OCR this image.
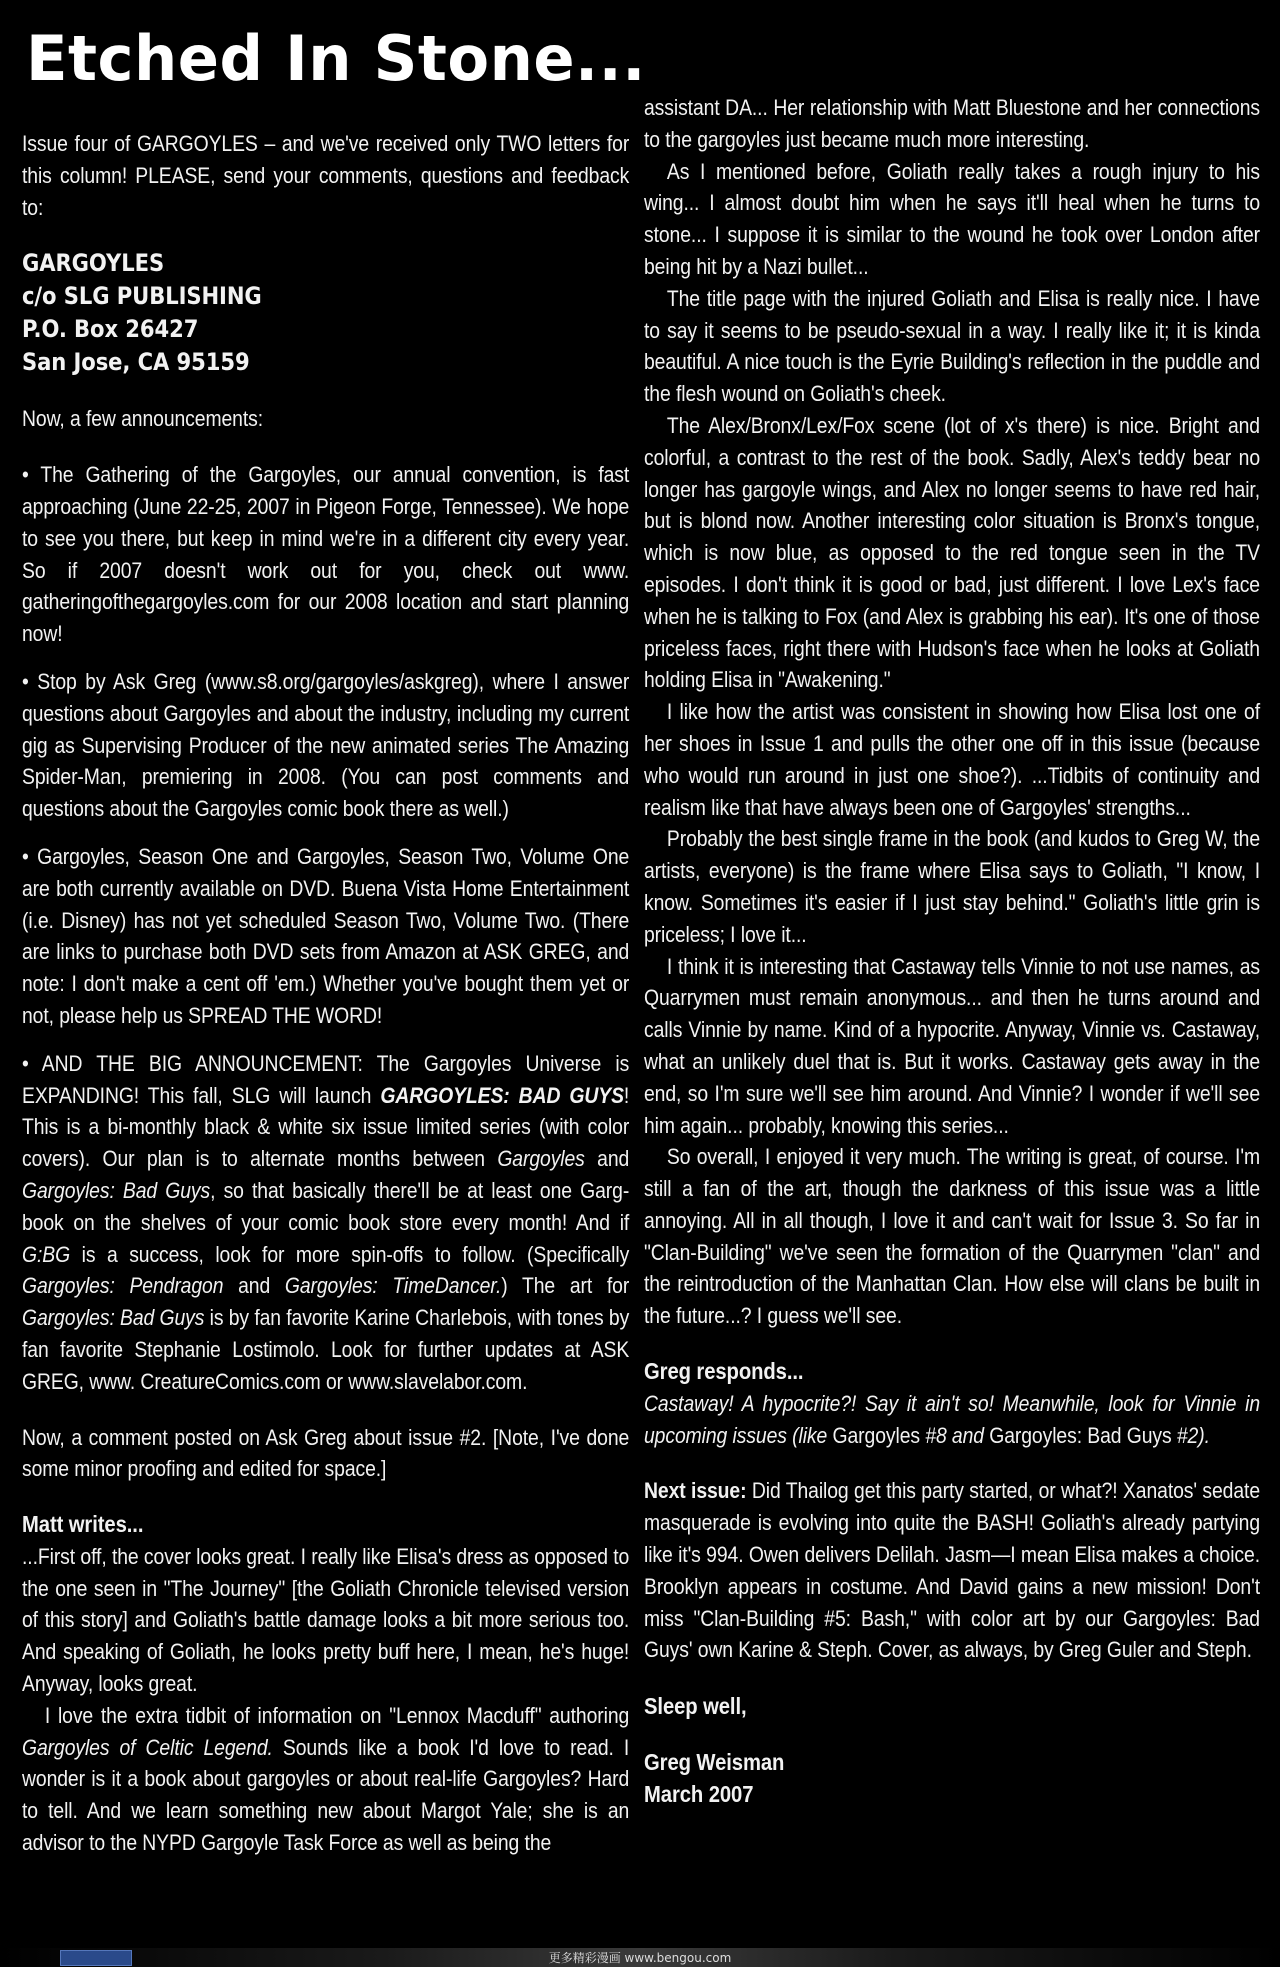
Etched In Stone...

Issue four of GARGOYLES – and we've received only TWO letters for this column! PLEASE, send your comments, questions and feedback to:

GARGOYLES

c/o SLG PUBLISHING

P.O. Box 26427

San Jose, CA 95159

Now, a few announcements:

• The Gathering of the Gargoyles, our annual convention, is fast approaching (June 22-25, 2007 in Pigeon Forge, Tennessee). We hope to see you there, but keep in mind we're in a different city every year. So if 2007 doesn't work out for you, check out www. gatheringofthegargoyles.com for our 2008 location and start planning now!

• Stop by Ask Greg (www.s8.org/gargoyles/askgreg), where I answer questions about Gargoyles and about the industry, including my current gig as Supervising Producer of the new animated series The Amazing Spider-Man, premiering in 2008. (You can post comments and questions about the Gargoyles comic book there as well.)

• Gargoyles, Season One and Gargoyles, Season Two, Volume One are both currently available on DVD. Buena Vista Home Entertainment (i.e. Disney) has not yet scheduled Season Two, Volume Two. (There are links to purchase both DVD sets from Amazon at ASK GREG, and note: I don't make a cent off 'em.) Whether you've bought them yet or not, please help us SPREAD THE WORD!

• AND THE BIG ANNOUNCEMENT: The Gargoyles Universe is EXPANDING! This fall, SLG will launch GARGOYLES: BAD GUYS! This is a bi-monthly black & white six issue limited series (with color covers). Our plan is to alternate months between Gargoyles and Gargoyles: Bad Guys, so that basically there'll be at least one Garg-book on the shelves of your comic book store every month! And if G:BG is a success, look for more spin-offs to follow. (Specifically Gargoyles: Pendragon and Gargoyles: TimeDancer.) The art for Gargoyles: Bad Guys is by fan favorite Karine Charlebois, with tones by fan favorite Stephanie Lostimolo. Look for further updates at ASK GREG, www. CreatureComics.com or www.slavelabor.com.

Now, a comment posted on Ask Greg about issue #2. [Note, I've done some minor proofing and edited for space.]

Matt writes...

...First off, the cover looks great. I really like Elisa's dress as opposed to the one seen in "The Journey" [the Goliath Chronicle televised version of this story] and Goliath's battle damage looks a bit more serious too. And speaking of Goliath, he looks pretty buff here, I mean, he's huge! Anyway, looks great.

I love the extra tidbit of information on "Lennox Macduff" authoring Gargoyles of Celtic Legend. Sounds like a book I'd love to read. I wonder is it a book about gargoyles or about real-life Gargoyles? Hard to tell. And we learn something new about Margot Yale; she is an advisor to the NYPD Gargoyle Task Force as well as being the

assistant DA... Her relationship with Matt Bluestone and her connections to the gargoyles just became much more interesting.

As I mentioned before, Goliath really takes a rough injury to his wing... I almost doubt him when he says it'll heal when he turns to stone... I suppose it is similar to the wound he took over London after being hit by a Nazi bullet...

The title page with the injured Goliath and Elisa is really nice. I have to say it seems to be pseudo-sexual in a way. I really like it; it is kinda beautiful. A nice touch is the Eyrie Building's reflection in the puddle and the flesh wound on Goliath's cheek.

The Alex/Bronx/Lex/Fox scene (lot of x's there) is nice. Bright and colorful, a contrast to the rest of the book. Sadly, Alex's teddy bear no longer has gargoyle wings, and Alex no longer seems to have red hair, but is blond now. Another interesting color situation is Bronx's tongue, which is now blue, as opposed to the red tongue seen in the TV episodes. I don't think it is good or bad, just different. I love Lex's face when he is talking to Fox (and Alex is grabbing his ear). It's one of those priceless faces, right there with Hudson's face when he looks at Goliath holding Elisa in "Awakening."

I like how the artist was consistent in showing how Elisa lost one of her shoes in Issue 1 and pulls the other one off in this issue (because who would run around in just one shoe?). ...Tidbits of continuity and realism like that have always been one of Gargoyles' strengths...

Probably the best single frame in the book (and kudos to Greg W, the artists, everyone) is the frame where Elisa says to Goliath, "I know, I know. Sometimes it's easier if I just stay behind." Goliath's little grin is priceless; I love it...

I think it is interesting that Castaway tells Vinnie to not use names, as Quarrymen must remain anonymous... and then he turns around and calls Vinnie by name. Kind of a hypocrite. Anyway, Vinnie vs. Castaway, what an unlikely duel that is. But it works. Castaway gets away in the end, so I'm sure we'll see him around. And Vinnie? I wonder if we'll see him again... probably, knowing this series...

So overall, I enjoyed it very much. The writing is great, of course. I'm still a fan of the art, though the darkness of this issue was a little annoying. All in all though, I love it and can't wait for Issue 3. So far in "Clan-Building" we've seen the formation of the Quarrymen "clan" and the reintroduction of the Manhattan Clan. How else will clans be built in the future...? I guess we'll see.

Greg responds...

Castaway! A hypocrite?! Say it ain't so! Meanwhile, look for Vinnie in upcoming issues (like Gargoyles #8 and Gargoyles: Bad Guys #2).

Next issue: Did Thailog get this party started, or what?! Xanatos' sedate masquerade is evolving into quite the BASH! Goliath's already partying like it's 994. Owen delivers Delilah. Jasm—I mean Elisa makes a choice. Brooklyn appears in costume. And David gains a new mission! Don't miss "Clan-Building #5: Bash," with color art by our Gargoyles: Bad Guys' own Karine & Steph. Cover, as always, by Greg Guler and Steph.

Sleep well,

Greg Weisman

March 2007

更多精彩漫画 www.bengou.com
